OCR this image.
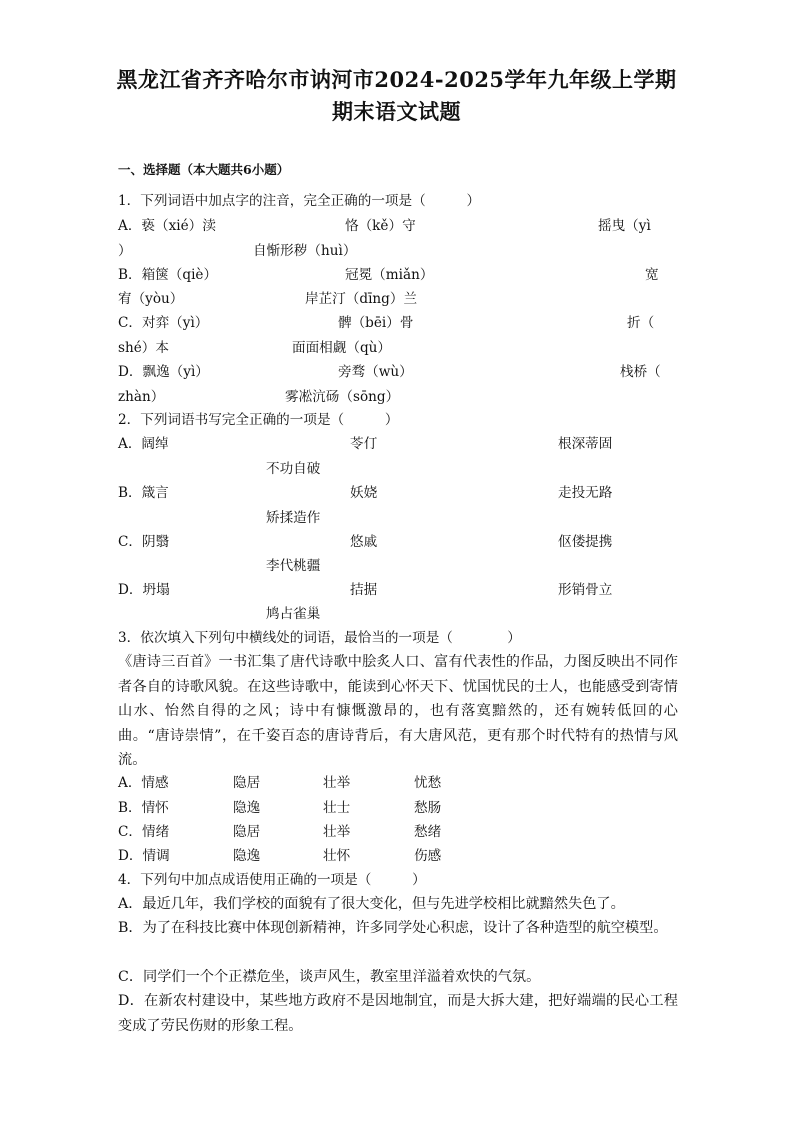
黑龙江省齐齐哈尔市讷河市2024-2025学年九年级上学期
期末语文试题
一、选择题（本大题共6小题）
1．下列词语中加点字的注音，完全正确的一项是（　　　）
A．亵（xié）渎	恪（kě）守	摇曳（yì
）	自惭形秽（huì）
B．箱箧（qiè）	冠冕（miǎn）	宽
宥（yòu）	岸芷汀（dīng）兰
C．对弈（yì）	髀（bēi）骨	折（
shé）本	面面相觑（qù）
D．飘逸（yì）	旁骛（wù）	栈桥（
zhàn）	雾凇沆砀（sōng）
2．下列词语书写完全正确的一项是（　　　）
A．阔绰	苓仃	根深蒂固
不功自破
B．箴言	妖娆	走投无路
矫揉造作
C．阴翳	悠戚	伛偻提携
李代桃疆
D．坍塌	拮据	形销骨立
鸠占雀巢
3．依次填入下列句中横线处的词语，最恰当的一项是（　　　　）
《唐诗三百首》一书汇集了唐代诗歌中脍炙人口、富有代表性的作品，力图反映出不同作者各自的诗歌风貌。在这些诗歌中，能读到心怀天下、忧国忧民的士人，也能感受到寄情山水、怡然自得的之风；诗中有慷慨激昂的，也有落寞黯然的，还有婉转低回的心曲。“唐诗崇情”，在千姿百态的唐诗背后，有大唐风范，更有那个时代特有的热情与风流。
A．情感	隐居	壮举	忧愁
B．情怀	隐逸	壮士	愁肠
C．情绪	隐居	壮举	愁绪
D．情调	隐逸	壮怀	伤感
4．下列句中加点成语使用正确的一项是（　　　）
A．最近几年，我们学校的面貌有了很大变化，但与先进学校相比就黯然失色了。
B．为了在科技比赛中体现创新精神，许多同学处心积虑，设计了各种造型的航空模型。
C．同学们一个个正襟危坐，谈声风生，教室里洋溢着欢快的气氛。
D．在新农村建设中，某些地方政府不是因地制宜，而是大拆大建，把好端端的民心工程变成了劳民伤财的形象工程。
